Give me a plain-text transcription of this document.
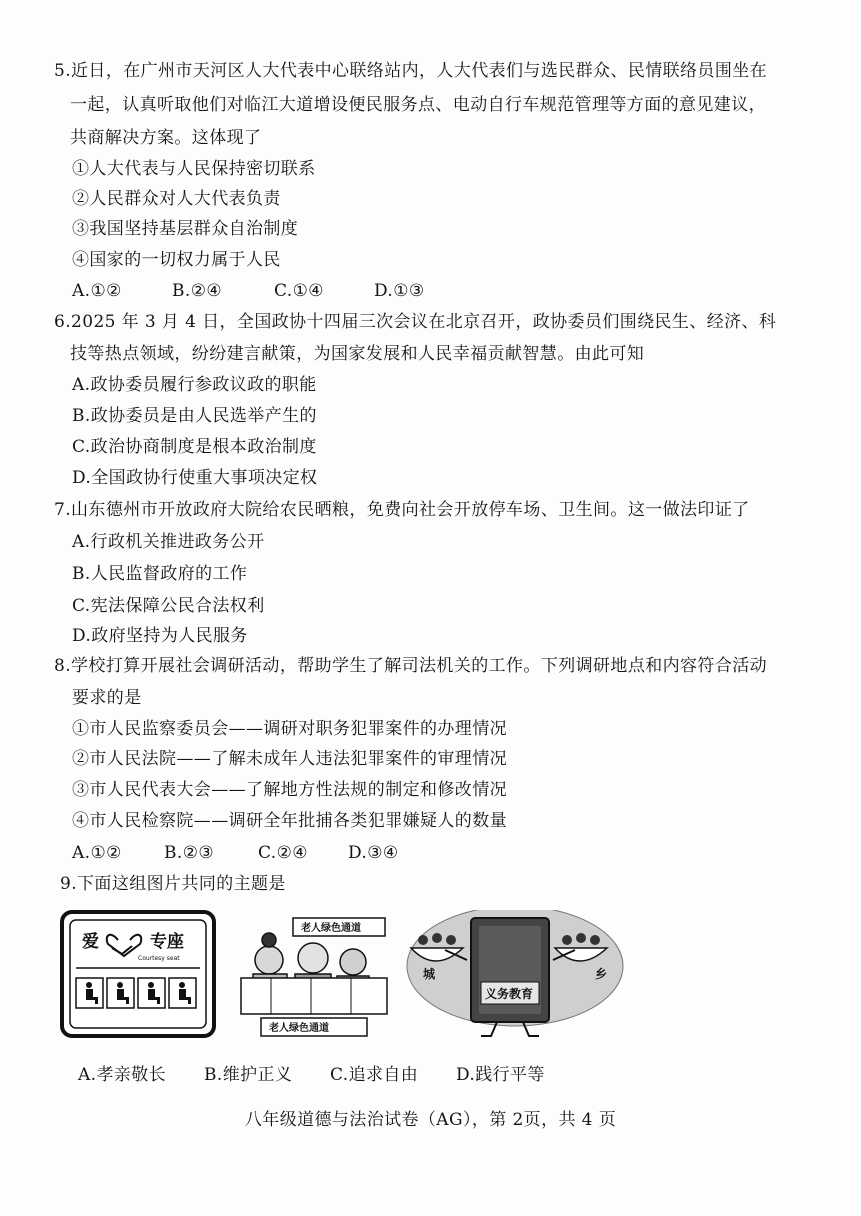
5.近日，在广州市天河区人大代表中心联络站内，人大代表们与选民群众、民情联络员围坐在
一起，认真听取他们对临江大道增设便民服务点、电动自行车规范管理等方面的意见建议，
共商解决方案。这体现了
①人大代表与人民保持密切联系
②人民群众对人大代表负责
③我国坚持基层群众自治制度
④国家的一切权力属于人民
A.①②	B.②④	C.①④	D.①③
6.2025 年 3 月 4 日，全国政协十四届三次会议在北京召开，政协委员们围绕民生、经济、科
技等热点领域，纷纷建言献策，为国家发展和人民幸福贡献智慧。由此可知
A.政协委员履行参政议政的职能
B.政协委员是由人民选举产生的
C.政治协商制度是根本政治制度
D.全国政协行使重大事项决定权
7.山东德州市开放政府大院给农民晒粮，免费向社会开放停车场、卫生间。这一做法印证了
A.行政机关推进政务公开
B.人民监督政府的工作
C.宪法保障公民合法权利
D.政府坚持为人民服务
8.学校打算开展社会调研活动，帮助学生了解司法机关的工作。下列调研地点和内容符合活动
要求的是
①市人民监察委员会——调研对职务犯罪案件的办理情况
②市人民法院——了解未成年人违法犯罪案件的审理情况
③市人民代表大会——了解地方性法规的制定和修改情况
④市人民检察院——调研全年批捕各类犯罪嫌疑人的数量
A.①② B.②③	C.②④ D.③④
9.下面这组图片共同的主题是
爱	专座
Courtesy seat
老人绿色通道
老人绿色通道
义务教育
城	乡
A.孝亲敬长 B.维护正义 C.追求自由 D.践行平等
八年级道德与法治试卷（AG），第 2页，共 4 页
